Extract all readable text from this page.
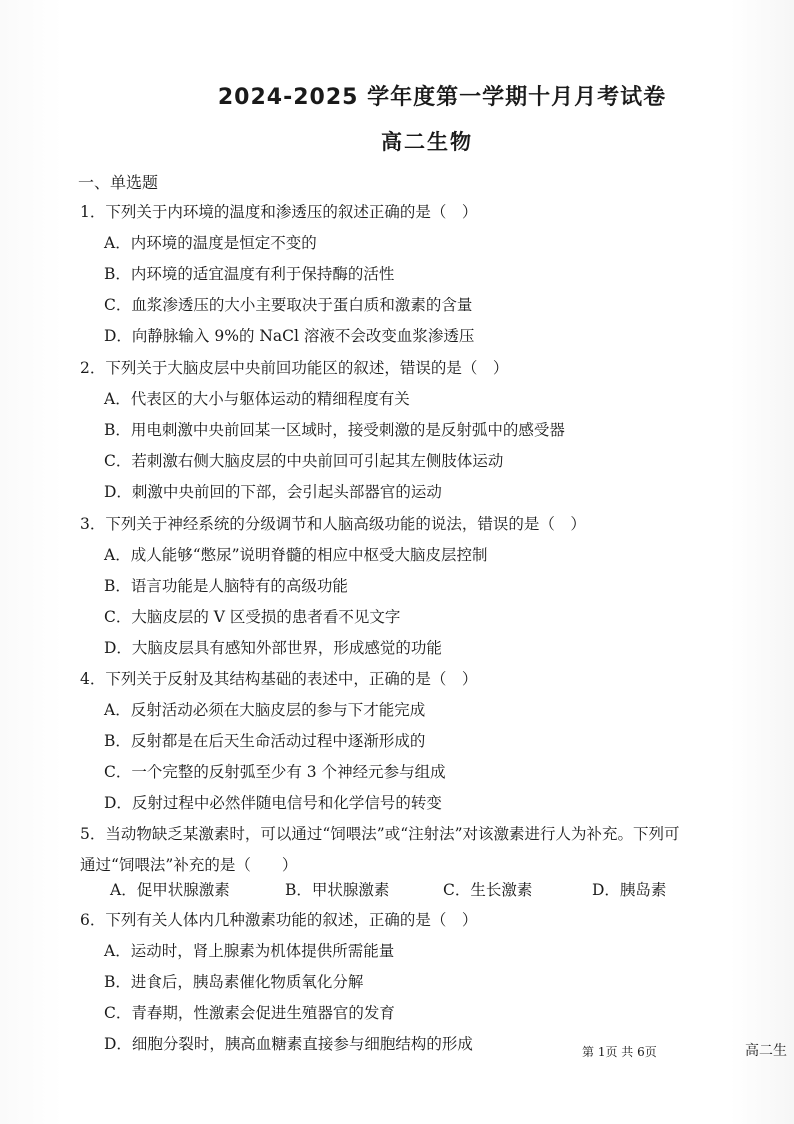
2024-2025 学年度第一学期十月月考试卷
高二生物
一、单选题
1．下列关于内环境的温度和渗透压的叙述正确的是（　）
A．内环境的温度是恒定不变的
B．内环境的适宜温度有利于保持酶的活性
C．血浆渗透压的大小主要取决于蛋白质和激素的含量
D．向静脉输入 9%的 NaCl 溶液不会改变血浆渗透压
2．下列关于大脑皮层中央前回功能区的叙述，错误的是（　）
A．代表区的大小与躯体运动的精细程度有关
B．用电刺激中央前回某一区域时，接受刺激的是反射弧中的感受器
C．若刺激右侧大脑皮层的中央前回可引起其左侧肢体运动
D．刺激中央前回的下部，会引起头部器官的运动
3．下列关于神经系统的分级调节和人脑高级功能的说法，错误的是（　）
A．成人能够“憋尿”说明脊髓的相应中枢受大脑皮层控制
B．语言功能是人脑特有的高级功能
C．大脑皮层的 V 区受损的患者看不见文字
D．大脑皮层具有感知外部世界，形成感觉的功能
4．下列关于反射及其结构基础的表述中，正确的是（　）
A．反射活动必须在大脑皮层的参与下才能完成
B．反射都是在后天生命活动过程中逐渐形成的
C．一个完整的反射弧至少有 3 个神经元参与组成
D．反射过程中必然伴随电信号和化学信号的转变
5．当动物缺乏某激素时，可以通过“饲喂法”或“注射法”对该激素进行人为补充。下列可
通过“饲喂法”补充的是（　　）
A．促甲状腺激素	B．甲状腺激素	C．生长激素	D．胰岛素
6．下列有关人体内几种激素功能的叙述，正确的是（　）
A．运动时，肾上腺素为机体提供所需能量
B．进食后，胰岛素催化物质氧化分解
C．青春期，性激素会促进生殖器官的发育
D．细胞分裂时，胰高血糖素直接参与细胞结构的形成	第 1页 共 6页	高二生
